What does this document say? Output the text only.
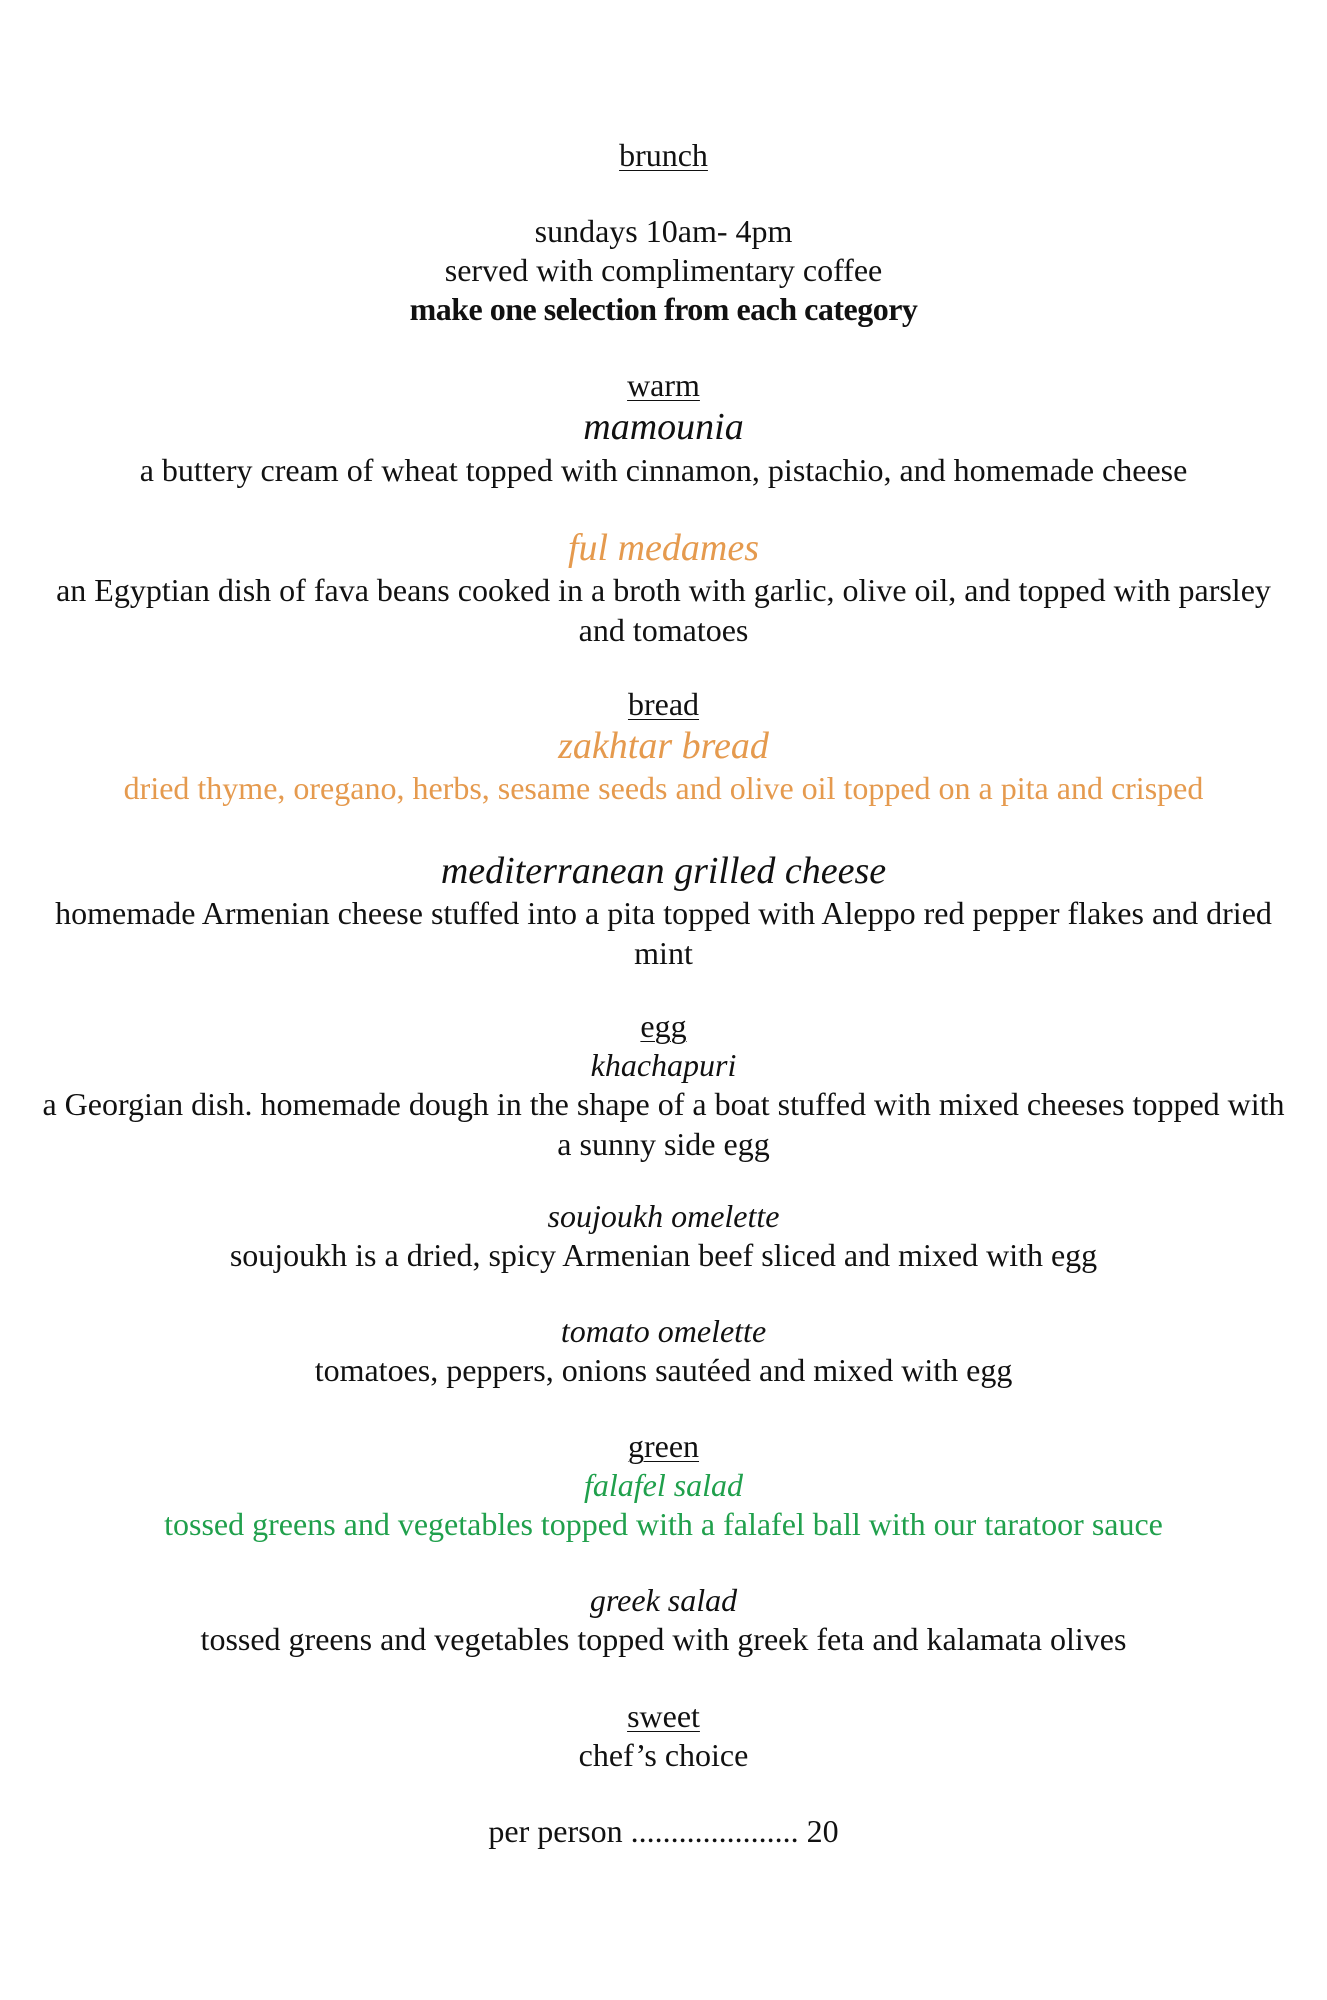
brunch
sundays 10am- 4pm
served with complimentary coffee
make one selection from each category
warm
mamounia
a buttery cream of wheat topped with cinnamon, pistachio, and homemade cheese
ful medames
an Egyptian dish of fava beans cooked in a broth with garlic, olive oil, and topped with parsley and tomatoes
bread
zakhtar bread
dried thyme, oregano, herbs, sesame seeds and olive oil topped on a pita and crisped
mediterranean grilled cheese
homemade Armenian cheese stuffed into a pita topped with Aleppo red pepper flakes and dried mint
egg
khachapuri
a Georgian dish. homemade dough in the shape of a boat stuffed with mixed cheeses topped with a sunny side egg
soujoukh omelette
soujoukh is a dried, spicy Armenian beef sliced and mixed with egg
tomato omelette
tomatoes, peppers, onions sautéed and mixed with egg
green
falafel salad
tossed greens and vegetables topped with a falafel ball with our taratoor sauce
greek salad
tossed greens and vegetables topped with greek feta and kalamata olives
sweet
chef’s choice
per person ..................... 20
